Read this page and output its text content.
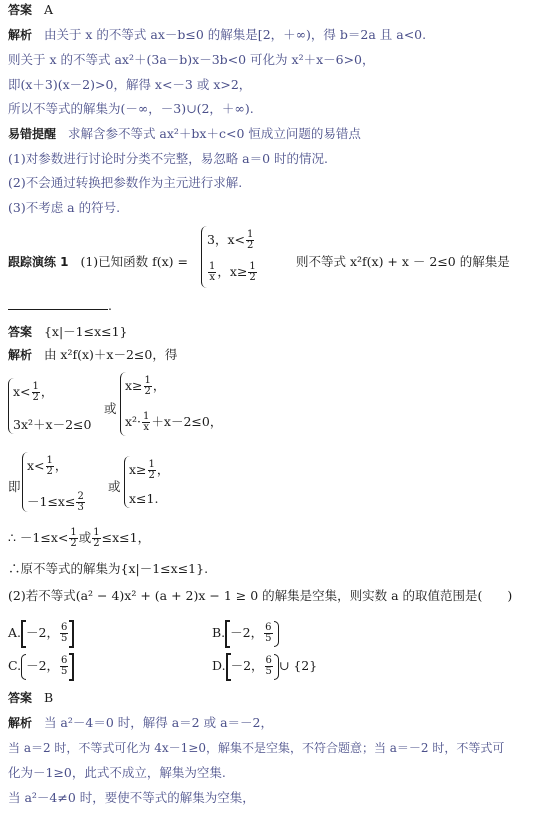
答案 A
解析 由关于 x 的不等式 ax－b≤0 的解集是[2，＋∞)，得 b＝2a 且 a<0.
则关于 x 的不等式 ax²＋(3a－b)x－3b<0 可化为 x²＋x－6>0，
即(x＋3)(x－2)>0，解得 x<－3 或 x>2，
所以不等式的解集为(－∞，－3)∪(2，＋∞).
易错提醒 求解含参不等式 ax²＋bx＋c<0 恒成立问题的易错点
(1)对参数进行讨论时分类不完整，易忽略 a＝0 时的情况.
(2)不会通过转换把参数作为主元进行求解.
(3)不考虑 a 的符号.
跟踪演练 1 (1)已知函数 f(x) =
3，$x< \frac{1}{2}$
$\frac{1}{x}$ ，$x\ge \frac{1}{2}$
则不等式 x²f(x) + x － 2≤0 的解集是
.
答案 {x|－1≤x≤1}
解析 由 x²f(x)＋x－2≤0，得
$x< \frac{1}{2}$ ，
3x²＋x－2≤0
或
$x\ge \frac{1}{2}$ ，
$x^2\cdot \frac{1}{x} +x-2\le 0$，
即
$x< \frac{1}{2}$ ，
$-1\le x\le \frac{2}{3}$
或
$x\ge \frac{1}{2}$ ，
x≤1.
∴ $-1\le x< \frac{1}{2}$ 或 $\frac{1}{2} \le x\le 1$，
∴原不等式的解集为{x|－1≤x≤1}.
(2)若不等式(a² − 4)x² + (a + 2)x − 1 ≥ 0 的解集是空集，则实数 a 的取值范围是(　　)
A. －2， $\frac{6}{5}$	B. －2， $\frac{6}{5}$
C. －2， $\frac{6}{5}$	D. －2， $\frac{6}{5}$ ∪ {2}
答案 B
解析 当 a²－4＝0 时，解得 a＝2 或 a＝－2，
当 a＝2 时，不等式可化为 4x－1≥0，解集不是空集，不符合题意；当 a＝－2 时，不等式可
化为－1≥0，此式不成立，解集为空集.
当 a²－4≠0 时，要使不等式的解集为空集，
